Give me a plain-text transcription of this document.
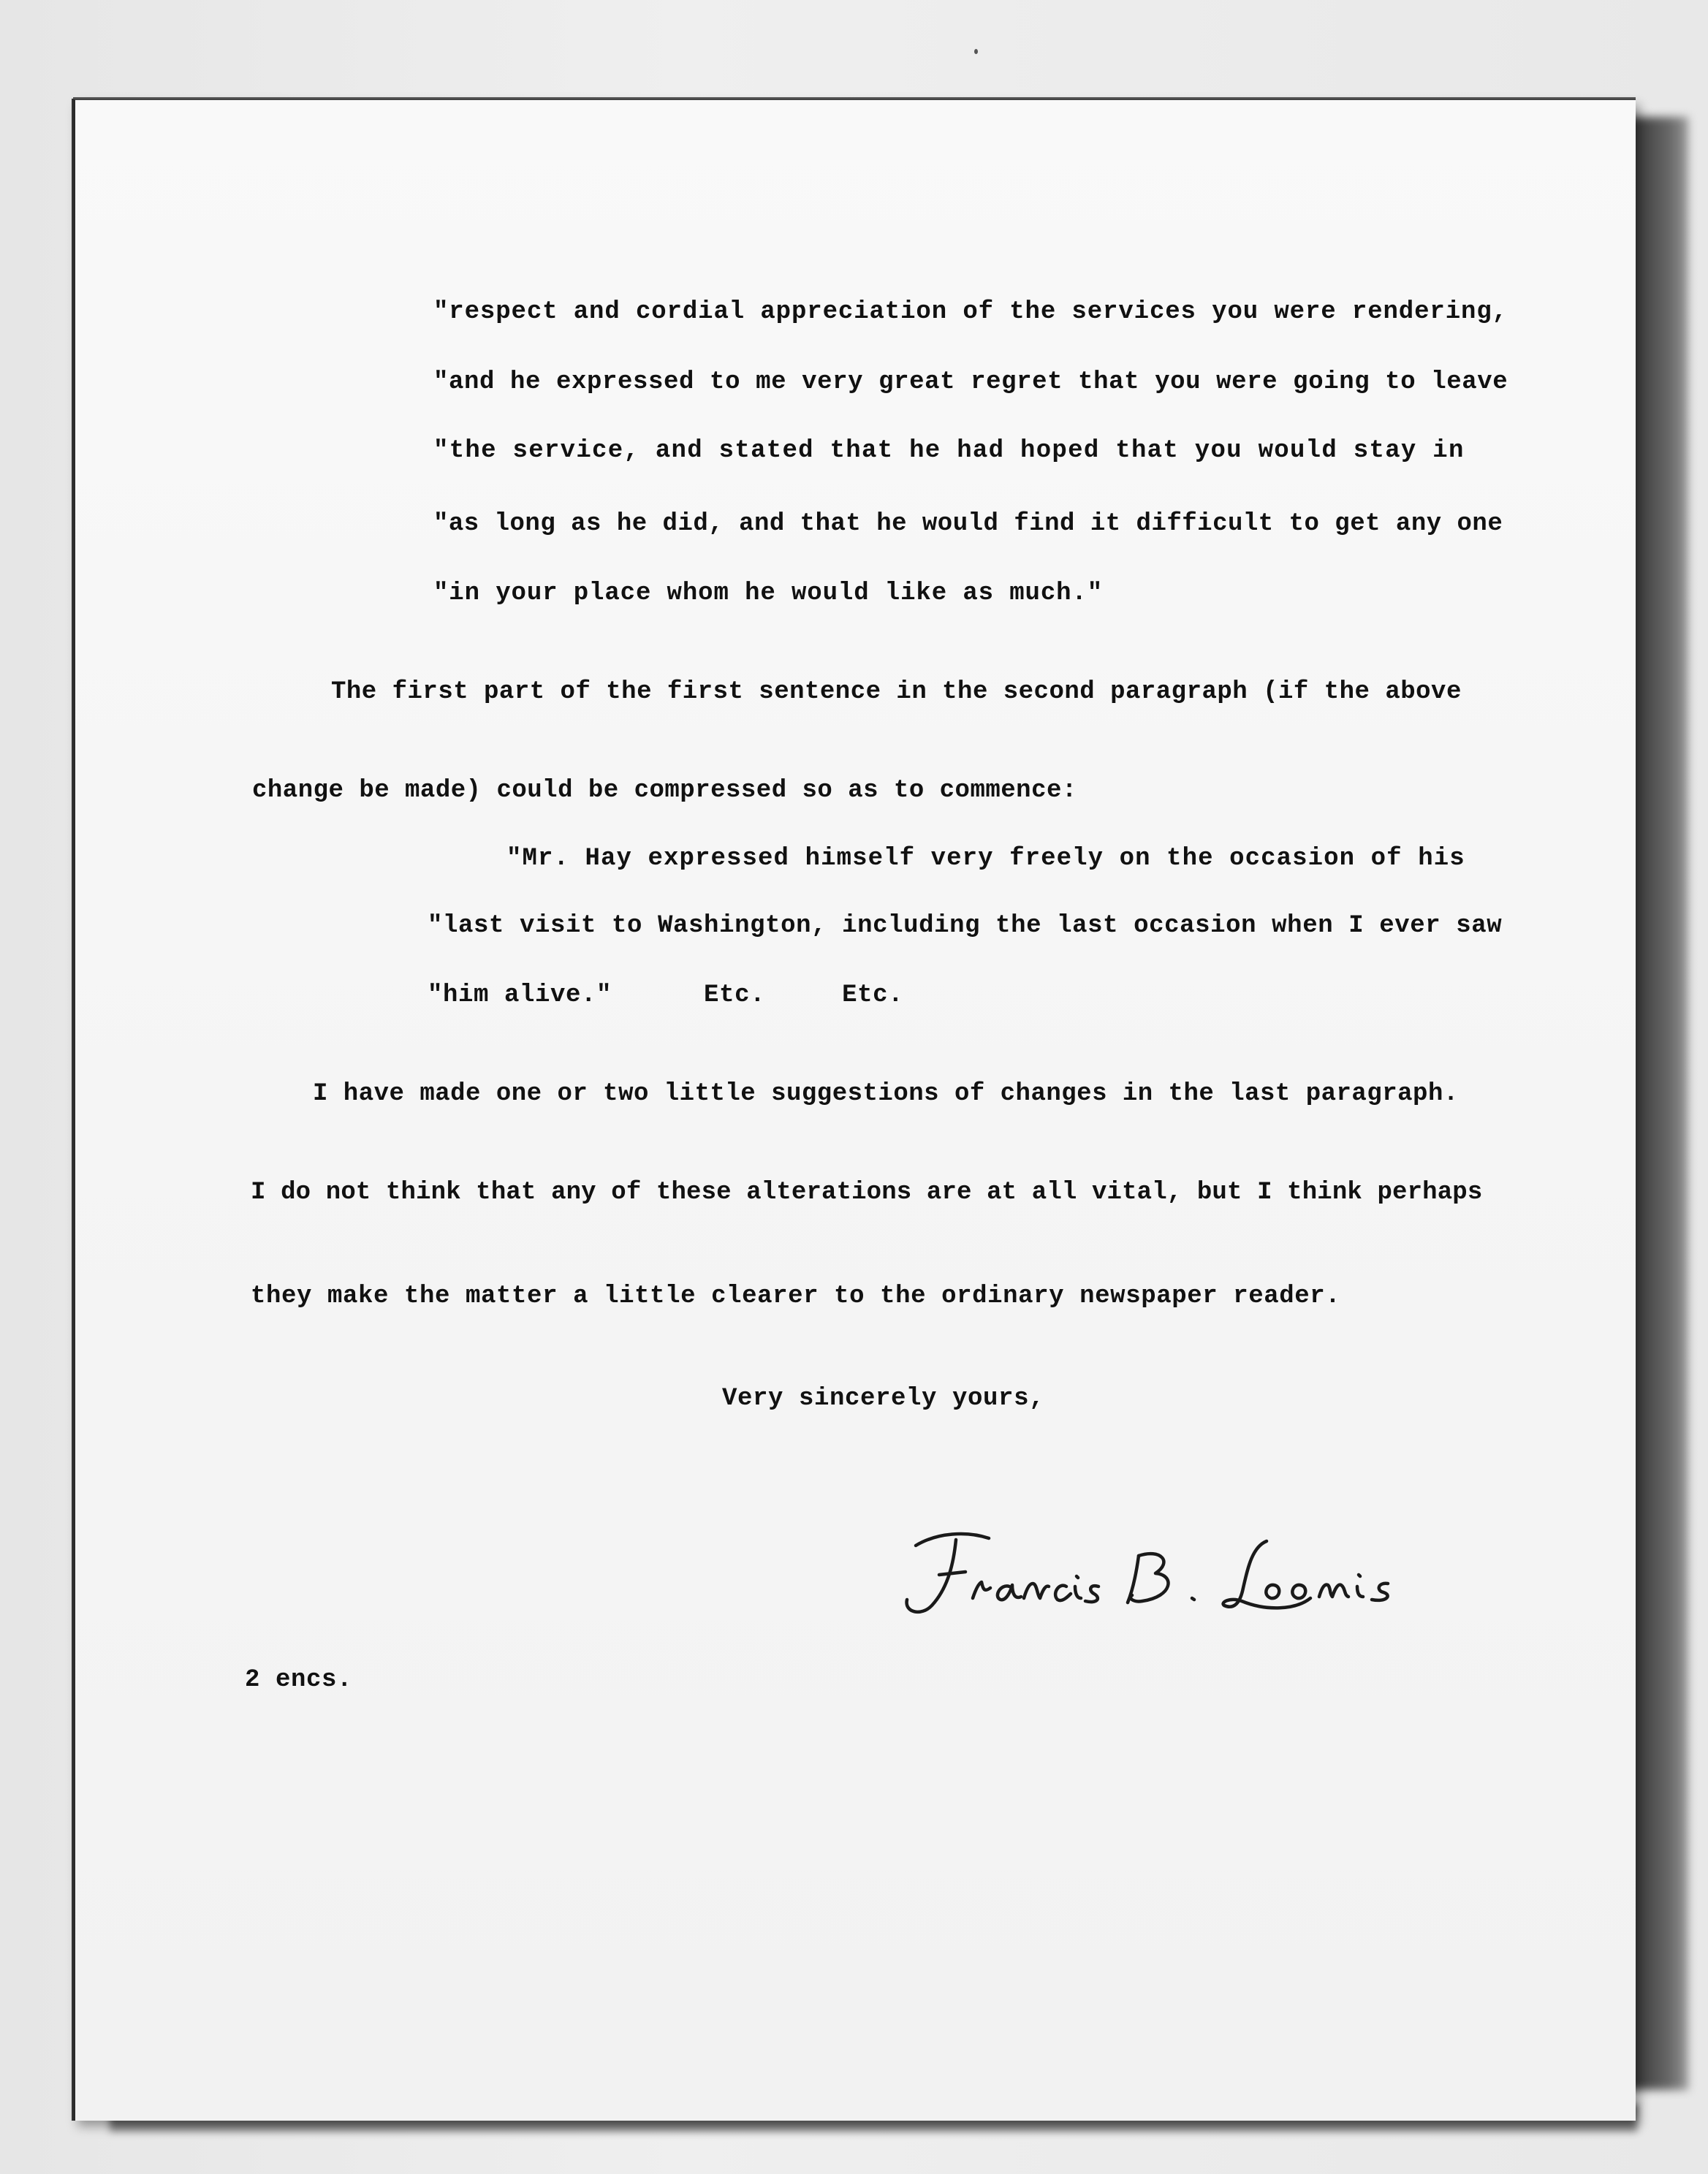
"respect and cordial appreciation of the services you were rendering,
"and he expressed to me very great regret that you were going to leave
"the service, and stated that he had hoped that you would stay in
"as long as he did, and that he would find it difficult to get any one
"in your place whom he would like as much."
The first part of the first sentence in the second paragraph (if the above
change be made) could be compressed so as to commence:
"Mr. Hay expressed himself very freely on the occasion of his
"last visit to Washington, including the last occasion when I ever saw
"him alive."      Etc.     Etc.
I have made one or two little suggestions of changes in the last paragraph.
I do not think that any of these alterations are at all vital, but I think perhaps
they make the matter a little clearer to the ordinary newspaper reader.
Very sincerely yours,
2 encs.
